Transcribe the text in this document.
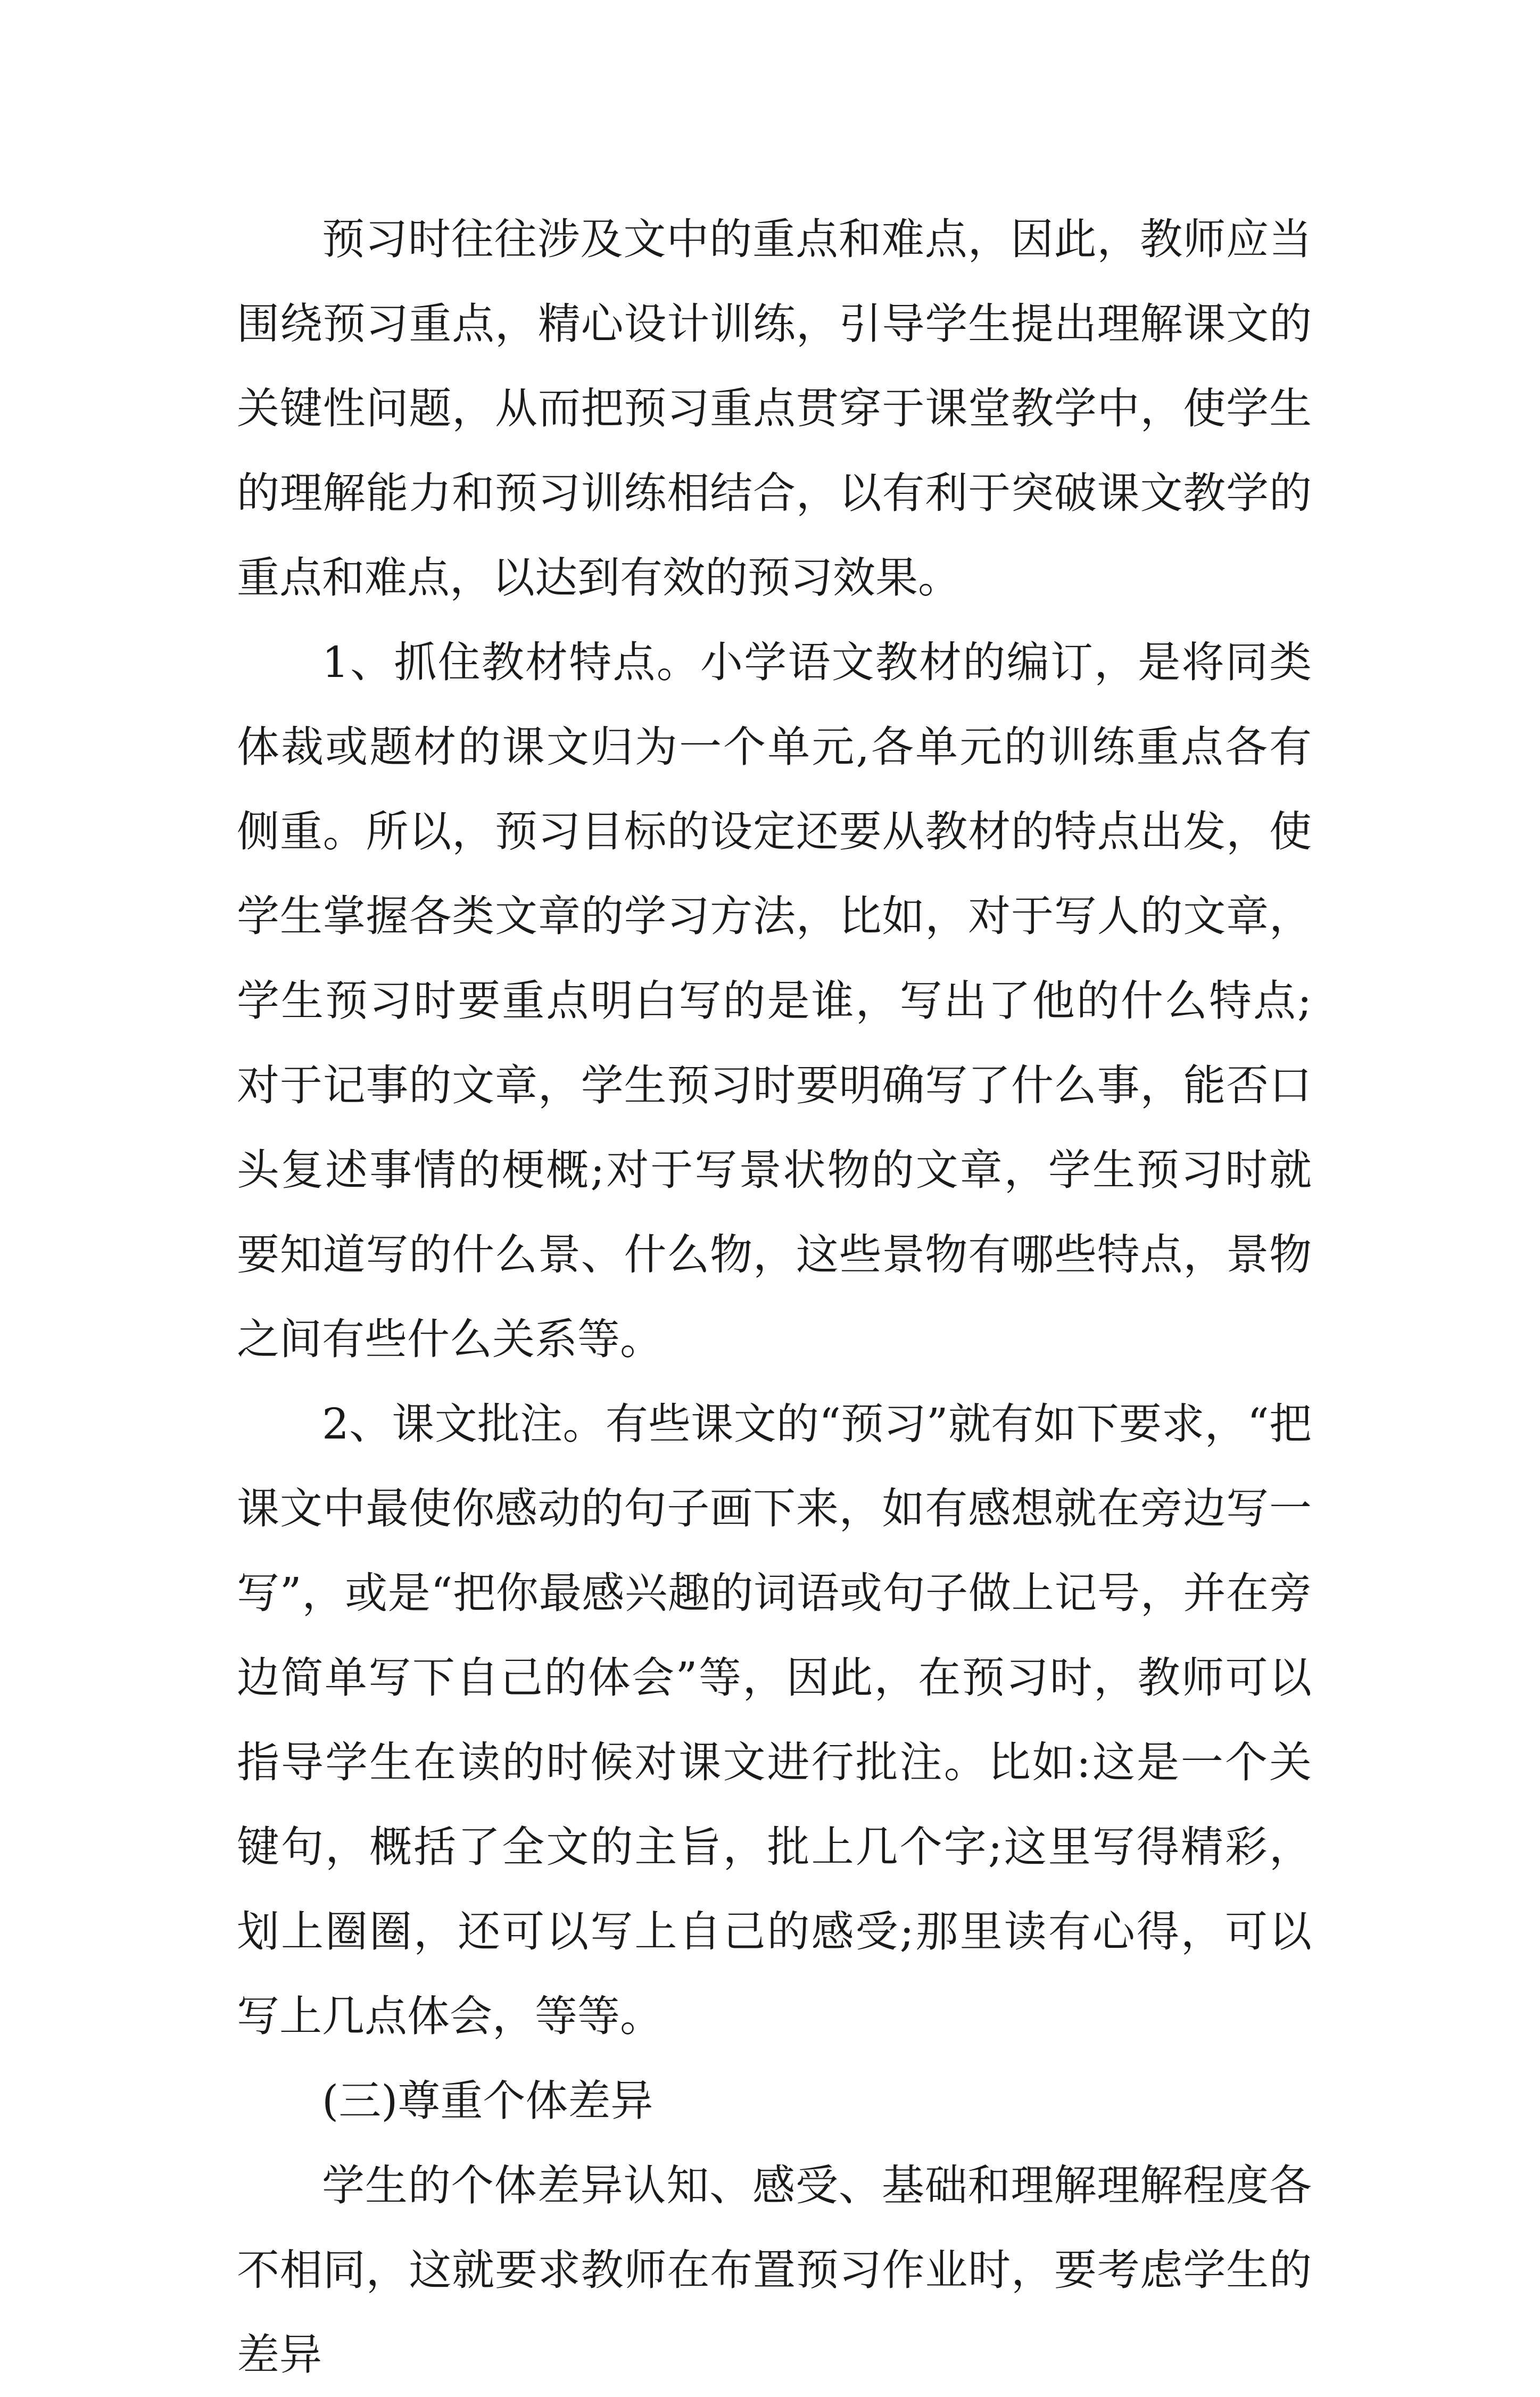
预习时往往涉及文中的重点和难点，因此，教师应当围绕预习重点，精心设计训练，引导学生提出理解课文的关键性问题，从而把预习重点贯穿于课堂教学中，使学生的理解能力和预习训练相结合，以有利于突破课文教学的重点和难点，以达到有效的预习效果。

1、抓住教材特点。小学语文教材的编订，是将同类体裁或题材的课文归为一个单元,各单元的训练重点各有侧重。所以，预习目标的设定还要从教材的特点出发，使学生掌握各类文章的学习方法，比如，对于写人的文章，学生预习时要重点明白写的是谁，写出了他的什么特点;对于记事的文章，学生预习时要明确写了什么事，能否口头复述事情的梗概;对于写景状物的文章，学生预习时就要知道写的什么景、什么物，这些景物有哪些特点，景物之间有些什么关系等。

2、课文批注。有些课文的“预习”就有如下要求，“把课文中最使你感动的句子画下来，如有感想就在旁边写一写”，或是“把你最感兴趣的词语或句子做上记号，并在旁边简单写下自己的体会”等，因此，在预习时，教师可以指导学生在读的时候对课文进行批注。比如:这是一个关键句，概括了全文的主旨，批上几个字;这里写得精彩，划上圈圈，还可以写上自己的感受;那里读有心得，可以写上几点体会，等等。

(三)尊重个体差异

学生的个体差异认知、感受、基础和理解理解程度各不相同，这就要求教师在布置预习作业时，要考虑学生的差异
